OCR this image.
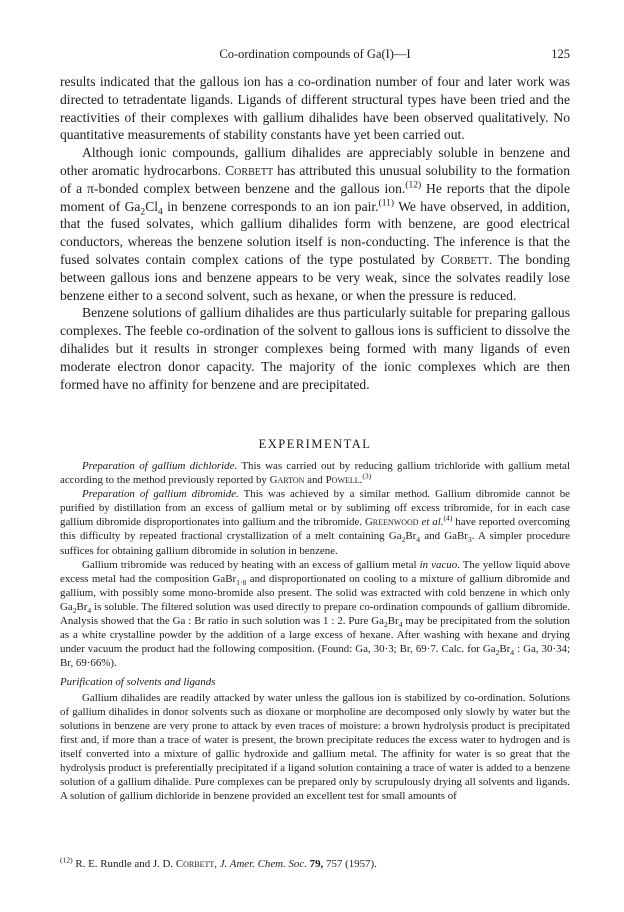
Co-ordination compounds of Ga(I)—I	125

results indicated that the gallous ion has a co-ordination number of four and later work was directed to tetradentate ligands. Ligands of different structural types have been tried and the reactivities of their complexes with gallium dihalides have been observed qualitatively. No quantitative measurements of stability constants have yet been carried out.

Although ionic compounds, gallium dihalides are appreciably soluble in benzene and other aromatic hydrocarbons. Corbett has attributed this unusual solubility to the formation of a π-bonded complex between benzene and the gallous ion.$^{(12)}$ He reports that the dipole moment of $Ga_2Cl_4$ in benzene corresponds to an ion pair.$^{(11)}$ We have observed, in addition, that the fused solvates, which gallium dihalides form with benzene, are good electrical conductors, whereas the benzene solution itself is non-conducting. The inference is that the fused solvates contain complex cations of the type postulated by Corbett. The bonding between gallous ions and benzene appears to be very weak, since the solvates readily lose benzene either to a second solvent, such as hexane, or when the pressure is reduced.

Benzene solutions of gallium dihalides are thus particularly suitable for preparing gallous complexes. The feeble co-ordination of the solvent to gallous ions is sufficient to dissolve the dihalides but it results in stronger complexes being formed with many ligands of even moderate electron donor capacity. The majority of the ionic complexes which are then formed have no affinity for benzene and are precipitated.

EXPERIMENTAL

Preparation of gallium dichloride. This was carried out by reducing gallium trichloride with gallium metal according to the method previously reported by Garton and Powell.$^{(3)}$

Preparation of gallium dibromide. This was achieved by a similar method. Gallium dibromide cannot be purified by distillation from an excess of gallium metal or by subliming off excess tribromide, for in each case gallium dibromide disproportionates into gallium and the tribromide. Greenwood et al.$^{(4)}$ have reported overcoming this difficulty by repeated fractional crystallization of a melt containing $Ga_2Br_4$ and GaBr$_3$. A simpler procedure suffices for obtaining gallium dibromide in solution in benzene.

Gallium tribromide was reduced by heating with an excess of gallium metal in vacuo. The yellow liquid above excess metal had the composition GaBr$_{1\cdot 8}$ and disproportionated on cooling to a mixture of gallium dibromide and gallium, with possibly some mono-bromide also present. The solid was extracted with cold benzene in which only $Ga_2Br_4$ is soluble. The filtered solution was used directly to prepare co-ordination compounds of gallium dibromide. Analysis showed that the Ga : Br ratio in such solution was 1 : 2. Pure $Ga_2Br_4$ may be precipitated from the solution as a white crystalline powder by the addition of a large excess of hexane. After washing with hexane and drying under vacuum the product had the following composition. (Found: Ga, 30·3; Br, 69·7. Calc. for $Ga_2Br_4$ : Ga, 30·34; Br, 69·66%).

Purification of solvents and ligands

Gallium dihalides are readily attacked by water unless the gallous ion is stabilized by co-ordination. Solutions of gallium dihalides in donor solvents such as dioxane or morpholine are decomposed only slowly by water but the solutions in benzene are very prone to attack by even traces of moisture: a brown hydrolysis product is precipitated first and, if more than a trace of water is present, the brown precipitate reduces the excess water to hydrogen and is itself converted into a mixture of gallic hydroxide and gallium metal. The affinity for water is so great that the hydrolysis product is preferentially precipitated if a ligand solution containing a trace of water is added to a benzene solution of a gallium dihalide. Pure complexes can be prepared only by scrupulously drying all solvents and ligands. A solution of gallium dichloride in benzene provided an excellent test for small amounts of

$^{(12)}$ R. E. Rundle and J. D. Corbett, J. Amer. Chem. Soc. 79, 757 (1957).
